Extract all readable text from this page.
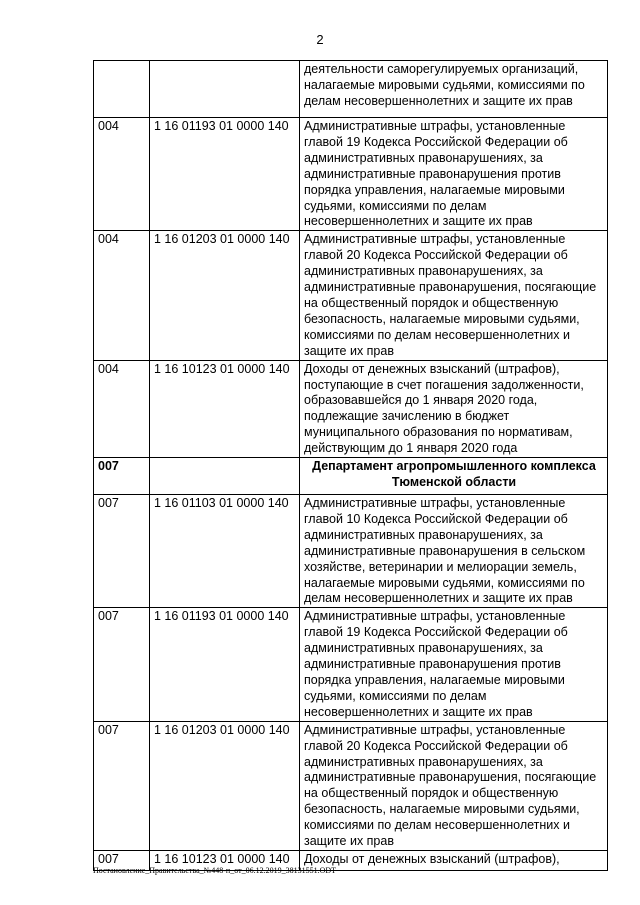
2
		деятельности саморегулируемых организаций, налагаемые мировыми судьями, комиссиями по делам несовершеннолетних и защите их прав
004	1 16 01193 01 0000 140	Административные штрафы, установленные главой 19 Кодекса Российской Федерации об административных правонарушениях, за административные правонарушения против порядка управления, налагаемые мировыми судьями, комиссиями по делам несовершеннолетних и защите их прав
004	1 16 01203 01 0000 140	Административные штрафы, установленные главой 20 Кодекса Российской Федерации об административных правонарушениях, за административные правонарушения, посягающие на общественный порядок и общественную безопасность, налагаемые мировыми судьями, комиссиями по делам несовершеннолетних и защите их прав
004	1 16 10123 01 0000 140	Доходы от денежных взысканий (штрафов), поступающие в счет погашения задолженности, образовавшейся до 1 января 2020 года, подлежащие зачислению в бюджет муниципального образования по нормативам, действующим до 1 января 2020 года
007		Департамент агропромышленного комплекса Тюменской области
007	1 16 01103 01 0000 140	Административные штрафы, установленные главой 10 Кодекса Российской Федерации об административных правонарушениях, за административные правонарушения в сельском хозяйстве, ветеринарии и мелиорации земель, налагаемые мировыми судьями, комиссиями по делам несовершеннолетних и защите их прав
007	1 16 01193 01 0000 140	Административные штрафы, установленные главой 19 Кодекса Российской Федерации об административных правонарушениях, за административные правонарушения против порядка управления, налагаемые мировыми судьями, комиссиями по делам несовершеннолетних и защите их прав
007	1 16 01203 01 0000 140	Административные штрафы, установленные главой 20 Кодекса Российской Федерации об административных правонарушениях, за административные правонарушения, посягающие на общественный порядок и общественную безопасность, налагаемые мировыми судьями, комиссиями по делам несовершеннолетних и защите их прав
007	1 16 10123 01 0000 140	Доходы от денежных взысканий (штрафов),
Постановление_Правительства_№448-п_от_06.12.2019_38131551.ODT
